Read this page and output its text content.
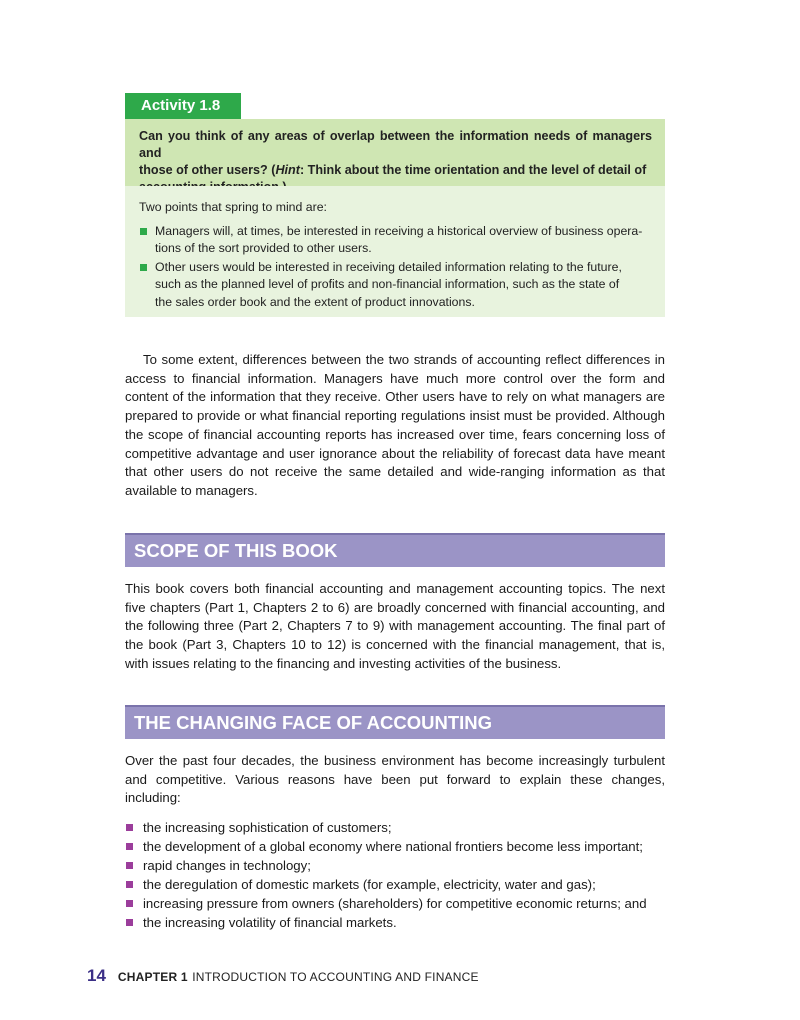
Activity 1.8
Can you think of any areas of overlap between the information needs of managers and
those of other users? (Hint: Think about the time orientation and the level of detail of
Two points that spring to mind are:
Managers will, at times, be interested in receiving a historical overview of business opera-
tions of the sort provided to other users.
Other users would be interested in receiving detailed information relating to the future,
such as the planned level of profits and non-financial information, such as the state of
the sales order book and the extent of product innovations.
To some extent, differences between the two strands of accounting reflect differences in access to financial information. Managers have much more control over the form and content of the information that they receive. Other users have to rely on what managers are prepared to provide or what financial reporting regulations insist must be provided. Although the scope of financial accounting reports has increased over time, fears concerning loss of competitive advantage and user ignorance about the reliability of forecast data have meant that other users do not receive the same detailed and wide-ranging information as that available to managers.
SCOPE OF THIS BOOK
This book covers both financial accounting and management accounting topics. The next five chapters (Part 1, Chapters 2 to 6) are broadly concerned with financial accounting, and the following three (Part 2, Chapters 7 to 9) with management accounting. The final part of the book (Part 3, Chapters 10 to 12) is concerned with the financial management, that is, with issues relating to the financing and investing activities of the business.
THE CHANGING FACE OF ACCOUNTING
Over the past four decades, the business environment has become increasingly turbulent and competitive. Various reasons have been put forward to explain these changes, including:
the increasing sophistication of customers;
the development of a global economy where national frontiers become less important;
rapid changes in technology;
the deregulation of domestic markets (for example, electricity, water and gas);
increasing pressure from owners (shareholders) for competitive economic returns; and
the increasing volatility of financial markets.
14 CHAPTER 1 INTRODUCTION TO ACCOUNTING AND FINANCE
